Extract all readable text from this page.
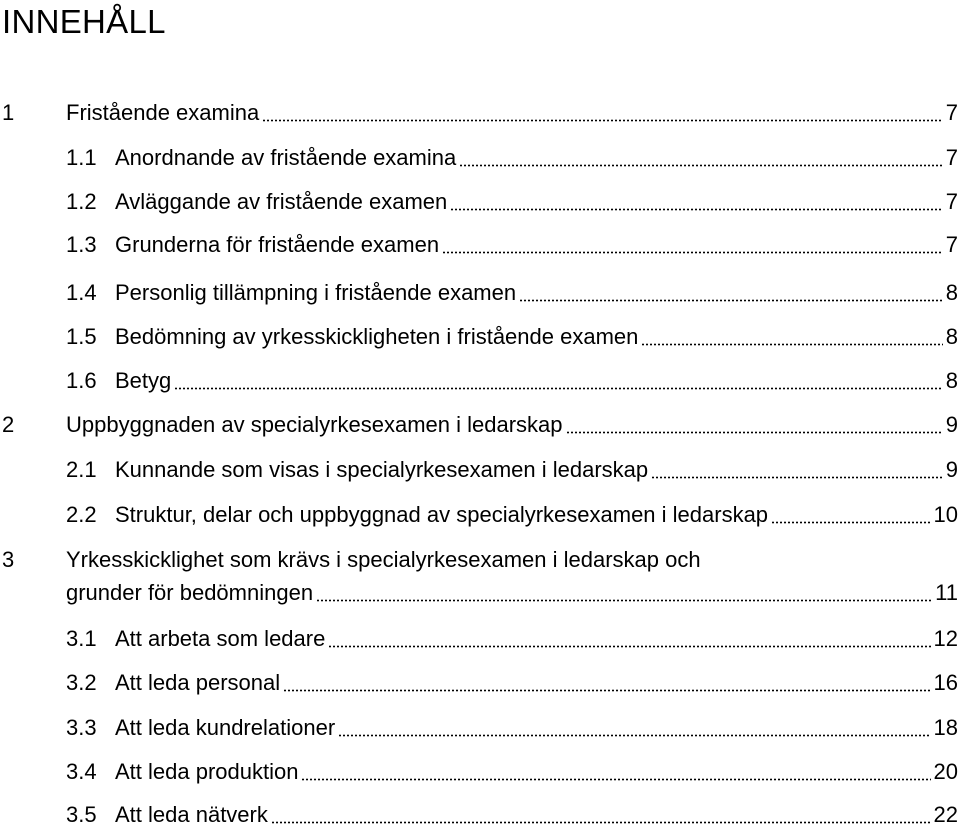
INNEHÅLL
1 Fristående examina	7
1.1 Anordnande av fristående examina	7
1.2 Avläggande av fristående examen	7
1.3 Grunderna för fristående examen	7
1.4 Personlig tillämpning i fristående examen	8
1.5 Bedömning av yrkesskickligheten i fristående examen	8
1.6 Betyg	8
2 Uppbyggnaden av specialyrkesexamen i ledarskap	9
2.1 Kunnande som visas i specialyrkesexamen i ledarskap	9
2.2 Struktur, delar och uppbyggnad av specialyrkesexamen i ledarskap	10
3 Yrkesskicklighet som krävs i specialyrkesexamen i ledarskap och
grunder för bedömningen	11
3.1 Att arbeta som ledare	12
3.2 Att leda personal	16
3.3 Att leda kundrelationer	18
3.4 Att leda produktion	20
3.5 Att leda nätverk	22
